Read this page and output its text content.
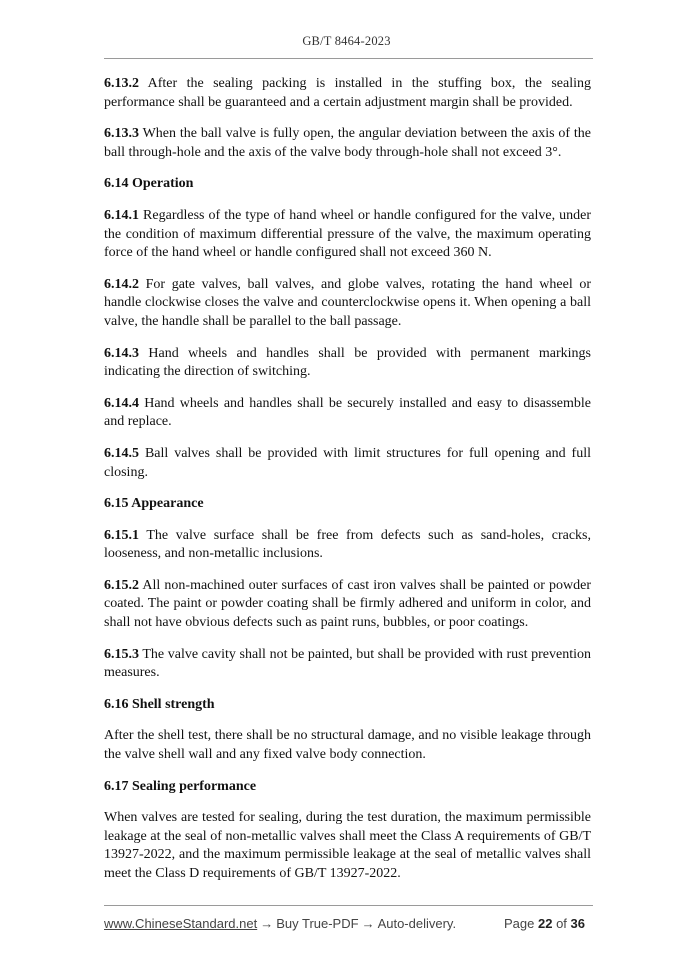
GB/T 8464-2023

6.13.2 After the sealing packing is installed in the stuffing box, the sealing performance shall be guaranteed and a certain adjustment margin shall be provided.

6.13.3 When the ball valve is fully open, the angular deviation between the axis of the ball through-hole and the axis of the valve body through-hole shall not exceed 3°.

6.14 Operation

6.14.1 Regardless of the type of hand wheel or handle configured for the valve, under the condition of maximum differential pressure of the valve, the maximum operating force of the hand wheel or handle configured shall not exceed 360 N.

6.14.2 For gate valves, ball valves, and globe valves, rotating the hand wheel or handle clockwise closes the valve and counterclockwise opens it. When opening a ball valve, the handle shall be parallel to the ball passage.

6.14.3 Hand wheels and handles shall be provided with permanent markings indicating the direction of switching.

6.14.4 Hand wheels and handles shall be securely installed and easy to disassemble and replace.

6.14.5 Ball valves shall be provided with limit structures for full opening and full closing.

6.15 Appearance

6.15.1 The valve surface shall be free from defects such as sand-holes, cracks, looseness, and non-metallic inclusions.

6.15.2 All non-machined outer surfaces of cast iron valves shall be painted or powder coated. The paint or powder coating shall be firmly adhered and uniform in color, and shall not have obvious defects such as paint runs, bubbles, or poor coatings.

6.15.3 The valve cavity shall not be painted, but shall be provided with rust prevention measures.

6.16 Shell strength

After the shell test, there shall be no structural damage, and no visible leakage through the valve shell wall and any fixed valve body connection.

6.17 Sealing performance

When valves are tested for sealing, during the test duration, the maximum permissible leakage at the seal of non-metallic valves shall meet the Class A requirements of GB/T 13927-2022, and the maximum permissible leakage at the seal of metallic valves shall meet the Class D requirements of GB/T 13927-2022.

www.ChineseStandard.net → Buy True-PDF → Auto-delivery.	Page 22 of 36
